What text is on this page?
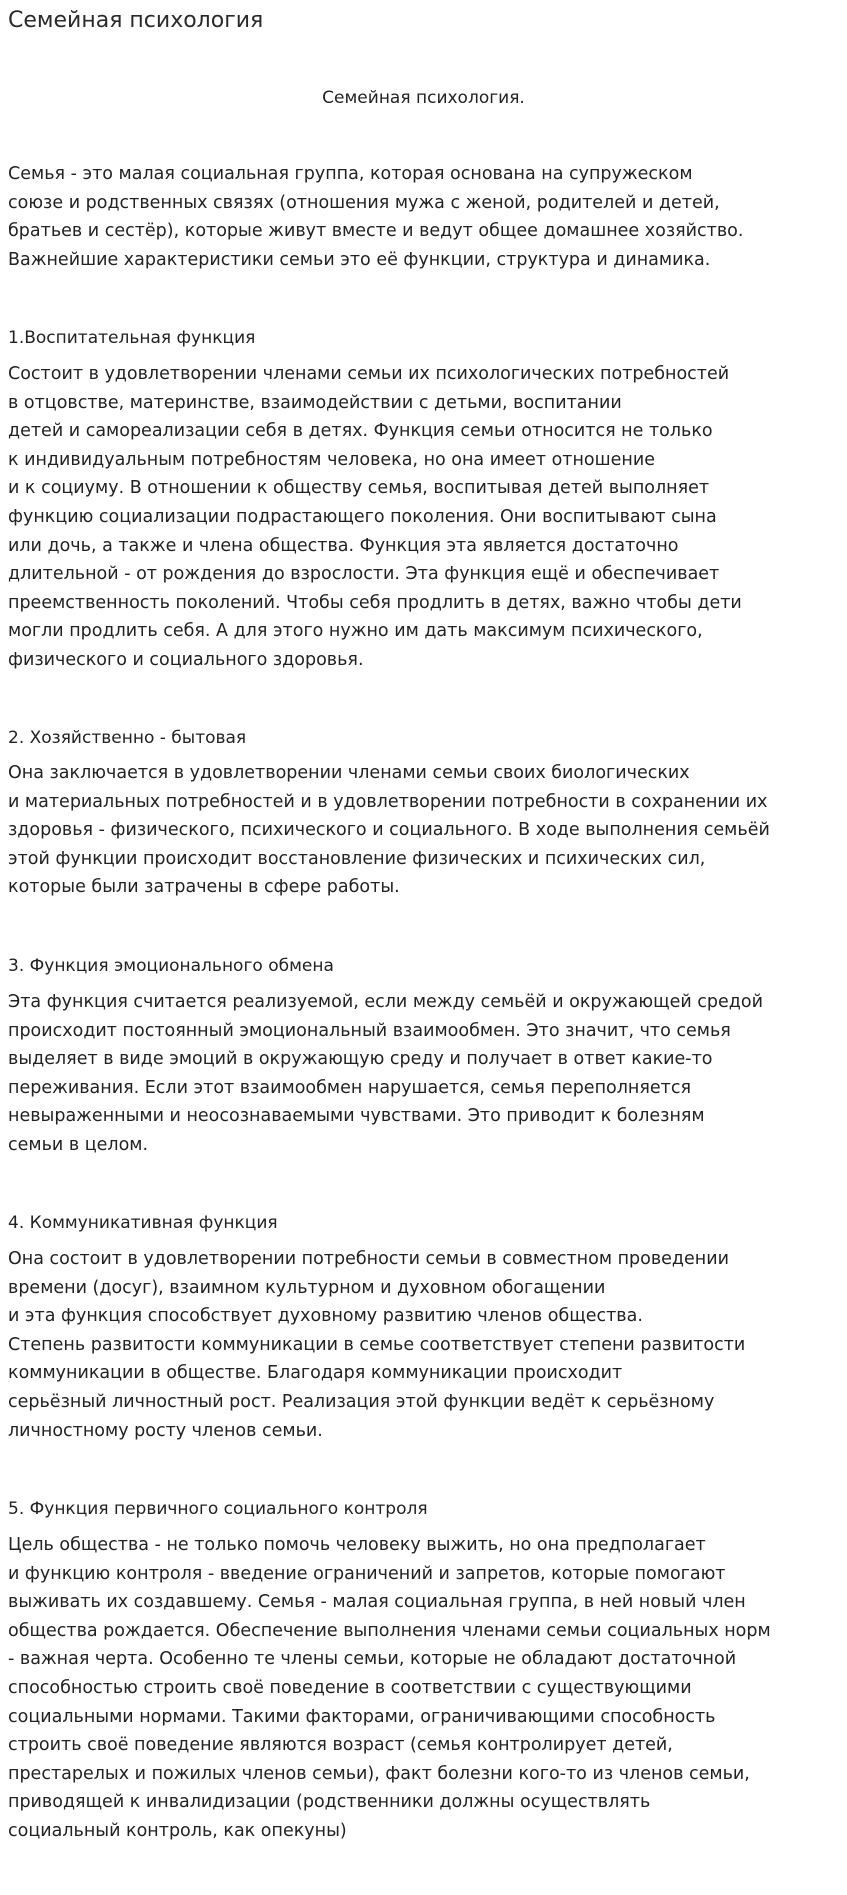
Семейная психология
Семейная психология.

Семья - это малая социальная группа, которая основана на супружеском
союзе и родственных связях (отношения мужа с женой, родителей и детей,
братьев и сестёр), которые живут вместе и ведут общее домашнее хозяйство.
Важнейшие характеристики семьи это её функции, структура и динамика.

1.Воспитательная функция

Состоит в удовлетворении членами семьи их психологических потребностей
в отцовстве, материнстве, взаимодействии с детьми, воспитании
детей и самореализации себя в детях. Функция семьи относится не только
к индивидуальным потребностям человека, но она имеет отношение
и к социуму. В отношении к обществу семья, воспитывая детей выполняет
функцию социализации подрастающего поколения. Они воспитывают сына
или дочь, а также и члена общества. Функция эта является достаточно
длительной - от рождения до взрослости. Эта функция ещё и обеспечивает
преемственность поколений. Чтобы себя продлить в детях, важно чтобы дети
могли продлить себя. А для этого нужно им дать максимум психического,
физического и социального здоровья.

2. Хозяйственно - бытовая

Она заключается в удовлетворении членами семьи своих биологических
и материальных потребностей и в удовлетворении потребности в сохранении их
здоровья - физического, психического и социального. В ходе выполнения семьёй
этой функции происходит восстановление физических и психических сил,
которые были затрачены в сфере работы.

3. Функция эмоционального обмена

Эта функция считается реализуемой, если между семьёй и окружающей средой
происходит постоянный эмоциональный взаимообмен. Это значит, что семья
выделяет в виде эмоций в окружающую среду и получает в ответ какие-то
переживания. Если этот взаимообмен нарушается, семья переполняется
невыраженными и неосознаваемыми чувствами. Это приводит к болезням
семьи в целом.

4. Коммуникативная функция

Она состоит в удовлетворении потребности семьи в совместном проведении
времени (досуг), взаимном культурном и духовном обогащении
и эта функция способствует духовному развитию членов общества.
Степень развитости коммуникации в семье соответствует степени развитости
коммуникации в обществе. Благодаря коммуникации происходит
серьёзный личностный рост. Реализация этой функции ведёт к серьёзному
личностному росту членов семьи.

5. Функция первичного социального контроля

Цель общества - не только помочь человеку выжить, но она предполагает
и функцию контроля - введение ограничений и запретов, которые помогают
выживать их создавшему. Семья - малая социальная группа, в ней новый член
общества рождается. Обеспечение выполнения членами семьи социальных норм
- важная черта. Особенно те члены семьи, которые не обладают достаточной
способностью строить своё поведение в соответствии с существующими
социальными нормами. Такими факторами, ограничивающими способность
строить своё поведение являются возраст (семья контролирует детей,
престарелых и пожилых членов семьи), факт болезни кого-то из членов семьи,
приводящей к инвалидизации (родственники должны осуществлять
социальный контроль, как опекуны)
